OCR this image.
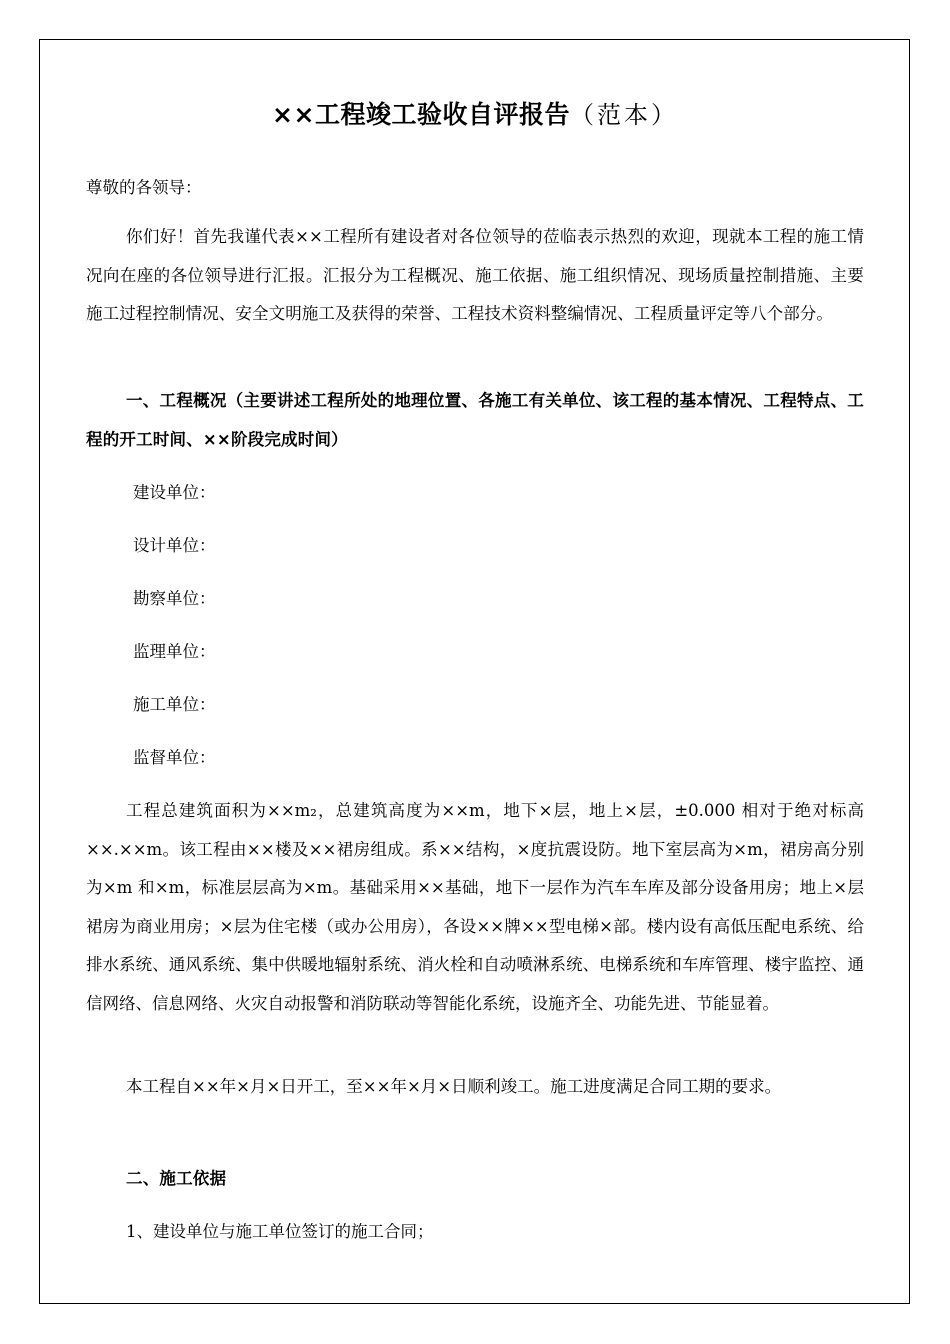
××工程竣工验收自评报告（范本）
尊敬的各领导：
你们好！首先我谨代表××工程所有建设者对各位领导的莅临表示热烈的欢迎，现就本工程的施工情况向在座的各位领导进行汇报。汇报分为工程概况、施工依据、施工组织情况、现场质量控制措施、主要施工过程控制情况、安全文明施工及获得的荣誉、工程技术资料整编情况、工程质量评定等八个部分。
一、工程概况（主要讲述工程所处的地理位置、各施工有关单位、该工程的基本情况、工程特点、工程的开工时间、××阶段完成时间）
建设单位：
设计单位：
勘察单位：
监理单位：
施工单位：
监督单位：
工程总建筑面积为××m₂，总建筑高度为××m，地下×层，地上×层，±0.000 相对于绝对标高××.××m。该工程由××楼及××裙房组成。系××结构，×度抗震设防。地下室层高为×m，裙房高分别为×m 和×m，标准层层高为×m。基础采用××基础，地下一层作为汽车车库及部分设备用房；地上×层裙房为商业用房；×层为住宅楼（或办公用房），各设××牌××型电梯×部。楼内设有高低压配电系统、给排水系统、通风系统、集中供暖地辐射系统、消火栓和自动喷淋系统、电梯系统和车库管理、楼宇监控、通信网络、信息网络、火灾自动报警和消防联动等智能化系统，设施齐全、功能先进、节能显着。
本工程自××年×月×日开工，至××年×月×日顺利竣工。施工进度满足合同工期的要求。
二、施工依据
1、建设单位与施工单位签订的施工合同；
